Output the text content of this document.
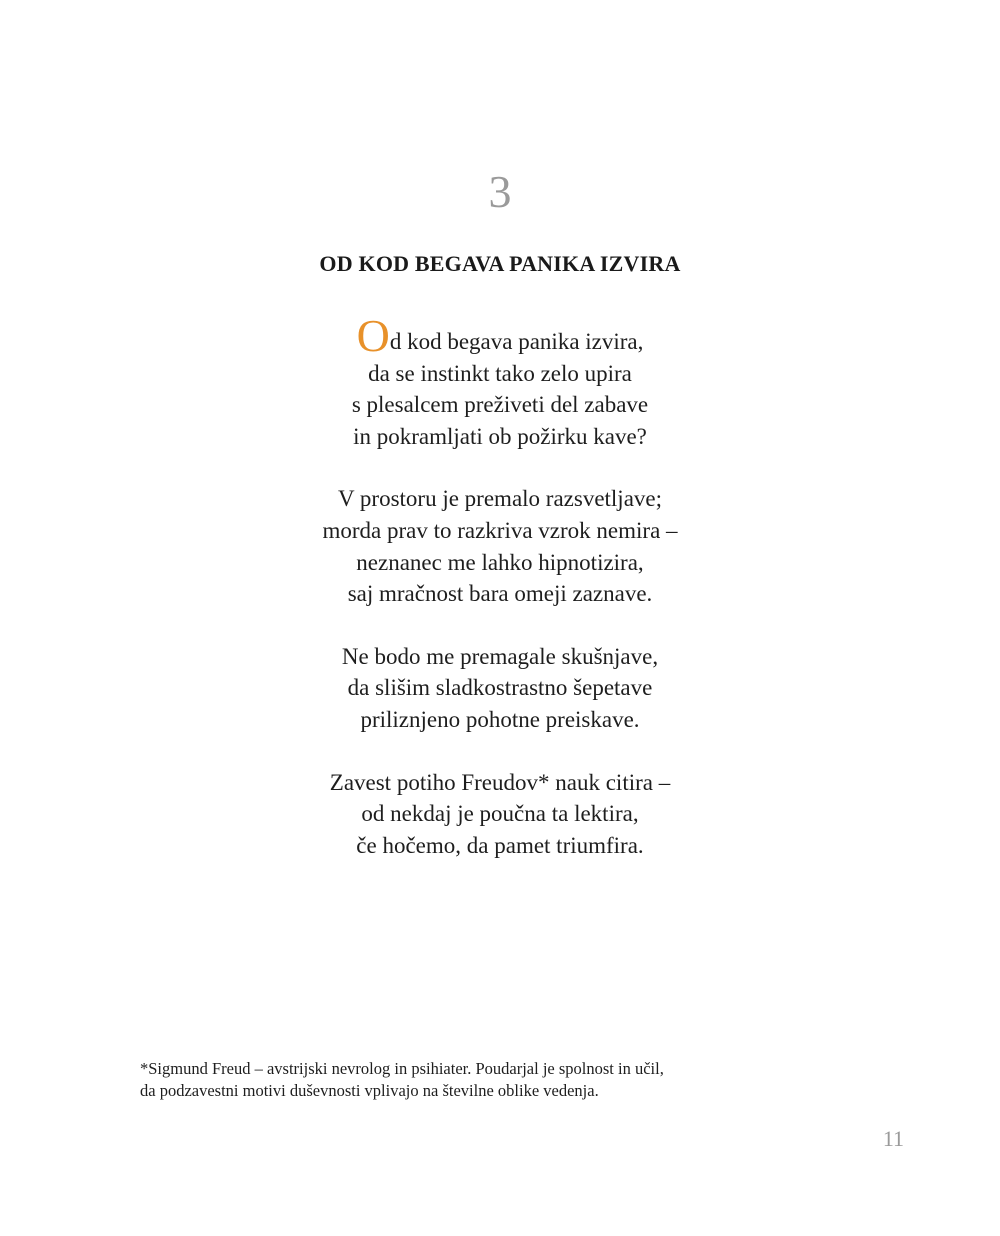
3
OD KOD BEGAVA PANIKA IZVIRA
Od kod begava panika izvira,
da se instinkt tako zelo upira
s plesalcem preživeti del zabave
in pokramljati ob požirku kave?
V prostoru je premalo razsvetljave;
morda prav to razkriva vzrok nemira –
neznanec me lahko hipnotizira,
saj mračnost bara omeji zaznave.
Ne bodo me premagale skušnjave,
da slišim sladkostrastno šepetave
priliznjeno pohotne preiskave.
Zavest potiho Freudov* nauk citira –
od nekdaj je poučna ta lektira,
če hočemo, da pamet triumfira.
*Sigmund Freud – avstrijski nevrolog in psihiater. Poudarjal je spolnost in učil,
da podzavestni motivi duševnosti vplivajo na številne oblike vedenja.
11
